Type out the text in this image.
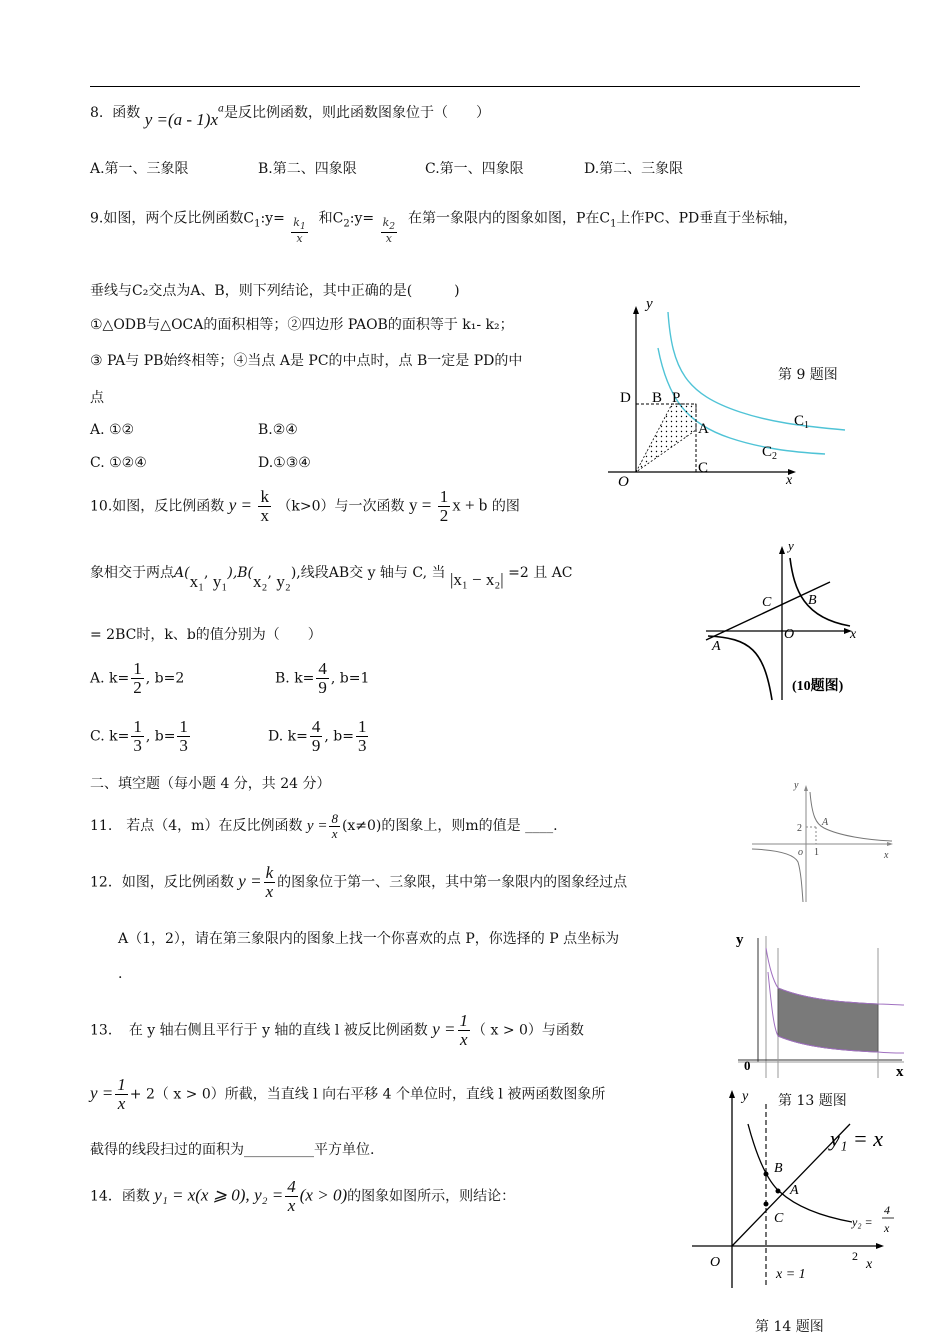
8. 函数 $y =(a - 1)x^a$是反比例函数，则此函数图象位于（　　）
A.第一、三象限	B.第二、四象限	C.第一、四象限	D.第二、三象限
9.如图，两个反比例函数$C_1:y= \frac{k_1}{x}$ 和$C_2:y= \frac{k_2}{x}$ 在第一象限内的图象如图，P在$C_1$上作PC、PD垂直于坐标轴，
垂线与C₂交点为A、B，则下列结论，其中正确的是(　　　)
①△ODB与△OCA的面积相等；②四边形 PAOB的面积等于 k₁- k₂；
③ PA与 PB始终相等；④当点 A是 PC的中点时，点 B一定是 PD的中
点
A. ①②	B.②④
C. ①②④	D.①③④
y
x
O
D B P
A
C
$C_1$
$C_2$
第 9 题图
10.如图，反比例函数 $y = \frac{k}{x} (k>0)$与一次函数 $y = \frac{1}{2}$ x + b 的图
象相交于两点A(x₁, y₁),B(x₂, y₂),线段AB交 y 轴与 C, 当 |x₁ − x₂| =2 且 AC
= 2BC时，k、b的值分别为（　　）
A. $k= \frac{1}{2}$ , b=2	B. $k= \frac{4}{9}$ , b=1
C. $k= \frac{1}{3}$ , $b= \frac{1}{3}$	D. $k= \frac{4}{9}$ , $b= \frac{1}{3}$
y
x
O
C	B
A
(10题图)
二、填空题（每小题 4 分，共 24 分）
11.　若点（4，m）在反比例函数 $y = \frac{8}{x} (x\ne 0)$的图象上，则m的值是 ____.
y
x
o
2
1
A
12．如图，反比例函数 $y = \frac{k}{x}$ 的图象位于第一、三象限，其中第一象限内的图象经过点
A（1，2），请在第三象限内的图象上找一个你喜欢的点 P，你选择的 P 点坐标为
.
13．　在 y 轴右侧且平行于 y 轴的直线 l 被反比例函数 $y = \frac{1}{x}$ （ x > 0）与函数
$y = \frac{1}{x} + 2$（ x > 0）所截，当直线 l 向右平移 4 个单位时，直线 l 被两函数图象所
截得的线段扫过的面积为__________平方单位.
y
x
0
第 13 题图
14．函数 y₁ = x(x ⩾ 0), $y_2 = \frac{4}{x} (x > 0)$的图象如图所示，则结论：
y
x
O
B
A
C
y₁ = x
y₂ =
4
x
2
x = 1
第 14 题图
